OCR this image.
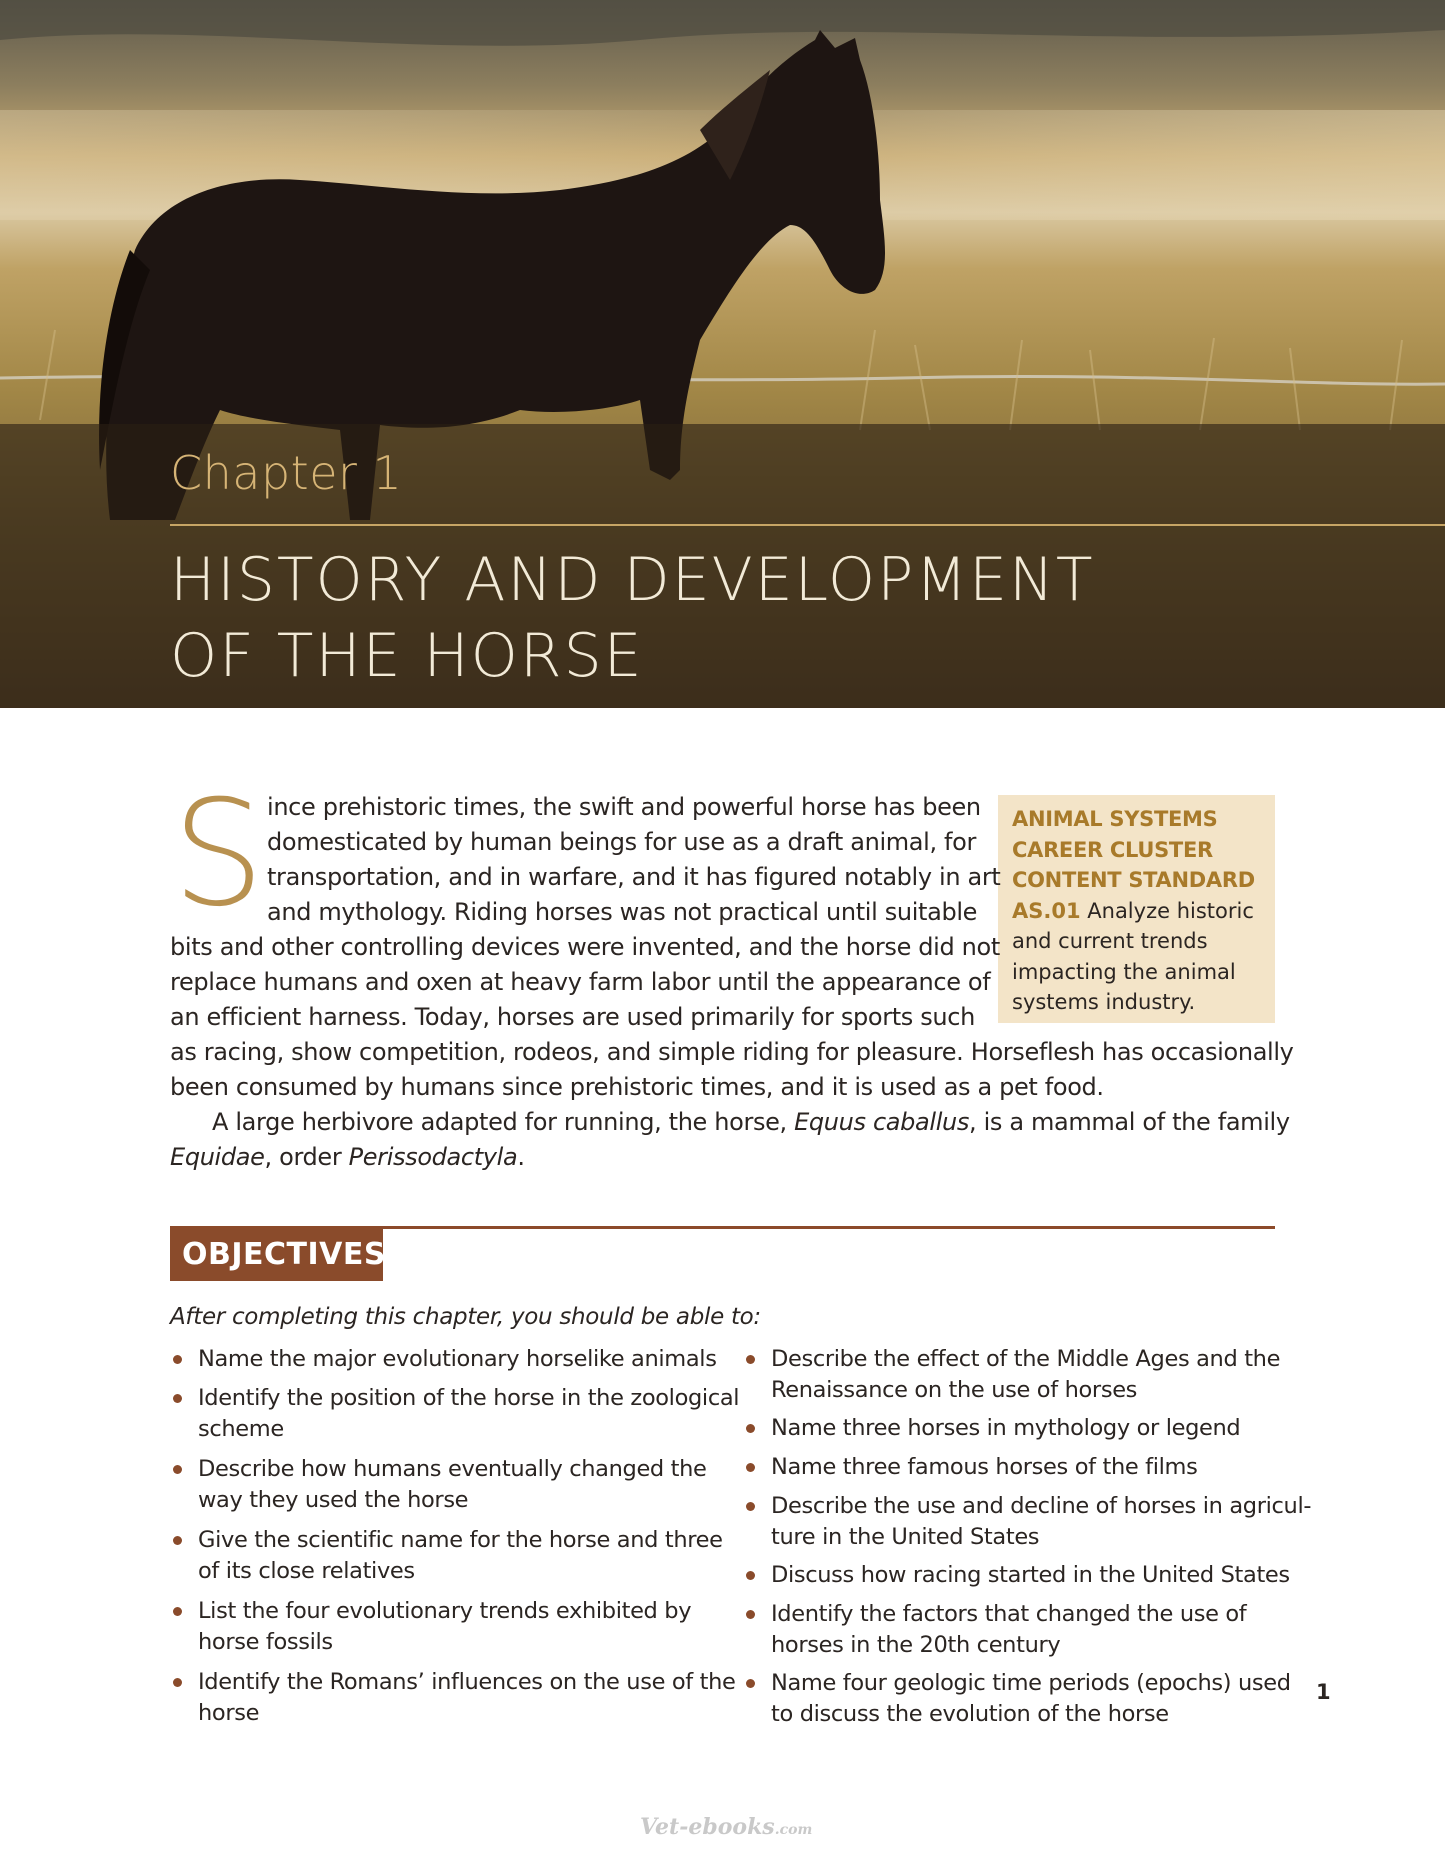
Chapter 1

HISTORY AND DEVELOPMENT
OF THE HORSE
ANIMAL SYSTEMS
CAREER CLUSTER
CONTENT STANDARD
AS.01 Analyze historic
and current trends
impacting the animal
systems industry.
S ince prehistoric times, the swift and powerful horse has been
domesticated by human beings for use as a draft animal, for
transportation, and in warfare, and it has figured notably in art
and mythology. Riding horses was not practical until suitable
bits and other controlling devices were invented, and the horse did not
replace humans and oxen at heavy farm labor until the appearance of
an efficient harness. Today, horses are used primarily for sports such
as racing, show competition, rodeos, and simple riding for pleasure. Horseflesh has occasionally
been consumed by humans since prehistoric times, and it is used as a pet food.
A large herbivore adapted for running, the horse, Equus caballus, is a mammal of the family
Equidae, order Perissodactyla.
OBJECTIVES
After completing this chapter, you should be able to:
Name the major evolutionary horselike animals
Identify the position of the horse in the zoological
scheme
Describe how humans eventually changed the
way they used the horse
Give the scientific name for the horse and three
of its close relatives
List the four evolutionary trends exhibited by
horse fossils
Identify the Romans’ influences on the use of the
horse
Describe the effect of the Middle Ages and the
Renaissance on the use of horses
Name three horses in mythology or legend
Name three famous horses of the films
Describe the use and decline of horses in agricul-
ture in the United States
Discuss how racing started in the United States
Identify the factors that changed the use of
horses in the 20th century
Name four geologic time periods (epochs) used
to discuss the evolution of the horse
1
Vet-ebooks.com
